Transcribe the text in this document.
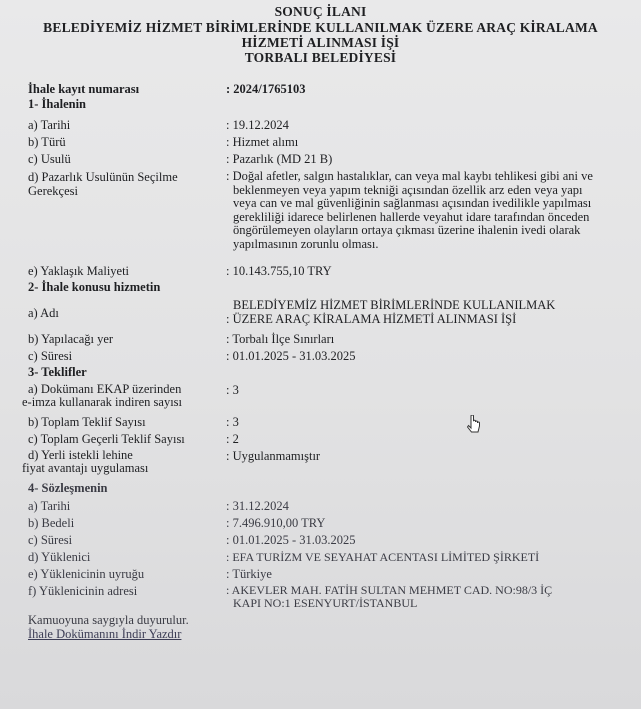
SONUÇ İLANI
BELEDİYEMİZ HİZMET BİRİMLERİNDE KULLANILMAK ÜZERE ARAÇ KİRALAMA
HİZMETİ ALINMASI İŞİ
TORBALI BELEDİYESİ
İhale kayıt numarası	: 2024/1765103
1- İhalenin
a) Tarihi	: 19.12.2024
b) Türü	: Hizmet alımı
c) Usulü	: Pazarlık (MD 21 B)
d) Pazarlık Usulünün Seçilme
Gerekçesi
: Doğal afetler, salgın hastalıklar, can veya mal kaybı tehlikesi gibi ani ve
beklenmeyen veya yapım tekniği açısından özellik arz eden veya yapı
veya can ve mal güvenliğinin sağlanması açısından ivedilikle yapılması
gerekliliği idarece belirlenen hallerde veyahut idare tarafından önceden
öngörülemeyen olayların ortaya çıkması üzerine ihalenin ivedi olarak
yapılmasının zorunlu olması.
e) Yaklaşık Maliyeti	: 10.143.755,10 TRY
2- İhale konusu hizmetin
a) Adı
BELEDİYEMİZ HİZMET BİRİMLERİNDE KULLANILMAK
: ÜZERE ARAÇ KİRALAMA HİZMETİ ALINMASI İŞİ
b) Yapılacağı yer	: Torbalı İlçe Sınırları
c) Süresi	: 01.01.2025 - 31.03.2025
3- Teklifler
a) Dokümanı EKAP üzerinden
e-imza kullanarak indiren sayısı
: 3
b) Toplam Teklif Sayısı	: 3
c) Toplam Geçerli Teklif Sayısı	: 2
d) Yerli istekli lehine
fiyat avantajı uygulaması
: Uygulanmamıştır
4- Sözleşmenin
a) Tarihi	: 31.12.2024
b) Bedeli	: 7.496.910,00 TRY
c) Süresi	: 01.01.2025 - 31.03.2025
d) Yüklenici	: EFA TURİZM VE SEYAHAT ACENTASI LİMİTED ŞİRKETİ
e) Yüklenicinin uyruğu	: Türkiye
f) Yüklenicinin adresi	: AKEVLER MAH. FATİH SULTAN MEHMET CAD. NO:98/3 İÇ
KAPI NO:1 ESENYURT/İSTANBUL
Kamuoyuna saygıyla duyurulur.
İhale Dokümanını İndir Yazdır
